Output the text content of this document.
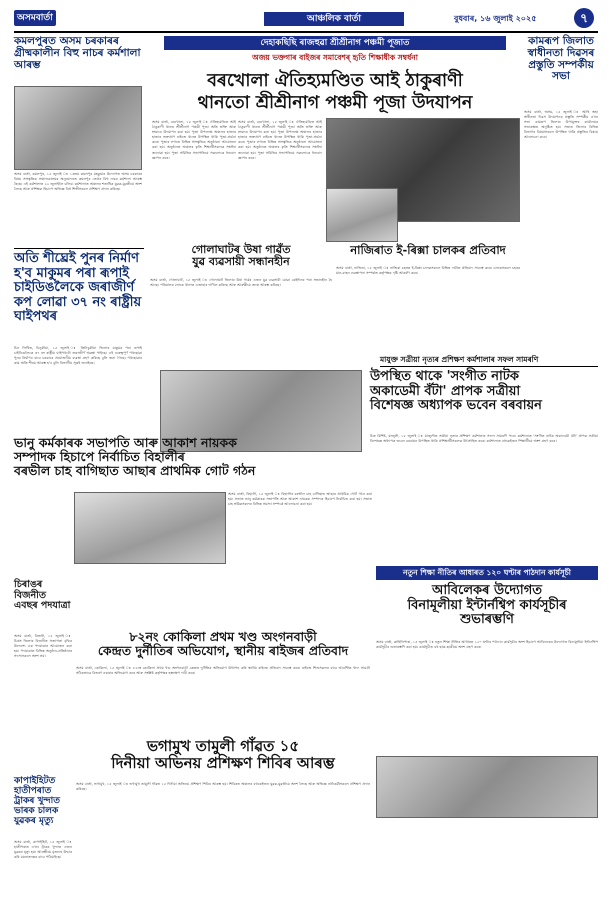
অসমবাৰ্তা	আঞ্চলিক বাৰ্তা	বুধবাৰ, ১৬ জুলাই ২০২৫	৭
কমলপুৰত অসম চৰকাৰৰ গ্ৰীষ্মকালীন বিহু নাচৰ কৰ্মশালা আৰম্ভ
অসম বাৰ্তা, কমলপুৰ, ১৫ জুলাই ঃ ১৩তম কমলপুৰ মহকুমাৰ উদ্যোগত অসম চৰকাৰৰ বিষয় সাংস্কৃতিক সঞ্চালকালয়ৰ অনুমোদনত কমলপুৰ তেওঁৰ বিহু নাচৰ কৰ্মশালা আৰম্ভ হৈছে। এই কৰ্মশালাত ২২ জুলাইলৈ চলিব। কৰ্মশালাত অঞ্চলৰ শতাধিক যুৱক-যুৱতীয়ে অংশ লৈছে আৰু প্ৰশিক্ষক হিচাপে অভিজ্ঞ বিহু শিল্পীসকলে প্ৰশিক্ষণ প্ৰদান কৰিছে।
অতি শীঘ্ৰেই পুনৰ নিৰ্মাণ হ'ব মাকুমৰ পৰা ৰূপাই চাইডিঙলৈকে জৰাজীৰ্ণ কপ লোৱা ৩৭ নং ৰাষ্ট্ৰীয় ঘাইপথৰ
চিন লিখিত, চিনুকীয়া, ১৫ জুলাই ঃ তিনিচুকীয়া জিলাৰ মাকুমৰ পৰা ৰূপাই চাইডিঙলৈকে ৩৭ নং ৰাষ্ট্ৰীয় ঘাইপথটো জৰাজীৰ্ণ অৱস্থা পাইছে। এই গুৰুত্বপূৰ্ণ পথছোৱা পুনৰ নিৰ্মাণৰ বাবে চৰকাৰে প্ৰয়োজনীয় ব্যৱস্থা গ্ৰহণ কৰিছে বুলি জনা গৈছে। পথছোৱাৰ কাম অতি শীঘ্ৰে আৰম্ভ হ'ব বুলি বিভাগীয় সূত্ৰই জনাইছে।
দেহাকছিছি ৰাজহুৱা শ্ৰীশ্ৰীনাগ পঞ্চমী পূজাত
অজয় ভক্তগাৰ বাইজৰ সমাবেশৰ্ হৃতি শিক্ষাধীক সম্বৰ্ধনা
বৰখোলা ঐতিহ্যমণ্ডিত আই ঠাকুৰাণী
থানতো শ্ৰীশ্ৰীনাগ পঞ্চমী পূজা উদযাপন
অসম বাৰ্তা, বৰখোলা, ১৫ জুলাই ঃ ঐতিহ্যমণ্ডিত আই ঠাকুৰাণী থানত শ্ৰীশ্ৰীনাগ পঞ্চমী পূজা অতি ভক্তি আৰু শ্ৰদ্ধাৰে উদযাপন কৰা হয়। পূজা উপলক্ষে অঞ্চলৰ হাজাৰ হাজাৰ ভক্তপ্ৰাণ ৰাইজে থানত উপস্থিত থাকি পূজা-অৰ্চনা কৰে। পূজাৰ লগতে বিভিন্ন সাংস্কৃতিক অনুষ্ঠানো আয়োজন কৰা হয়। অনুষ্ঠানত অঞ্চলৰ কৃতি শিক্ষাৰ্থীসকলক সম্বৰ্ধনা জনোৱা হয়। পূজা সমিতিৰ সভাপতিয়ে সকলোকে ধন্যবাদ জ্ঞাপন কৰে।
অসম বাৰ্তা, বৰখোলা, ১৫ জুলাই ঃ ঐতিহ্যমণ্ডিত আই ঠাকুৰাণী থানত শ্ৰীশ্ৰীনাগ পঞ্চমী পূজা অতি ভক্তি আৰু শ্ৰদ্ধাৰে উদযাপন কৰা হয়। পূজা উপলক্ষে অঞ্চলৰ হাজাৰ হাজাৰ ভক্তপ্ৰাণ ৰাইজে থানত উপস্থিত থাকি পূজা-অৰ্চনা কৰে। পূজাৰ লগতে বিভিন্ন সাংস্কৃতিক অনুষ্ঠানো আয়োজন কৰা হয়। অনুষ্ঠানত অঞ্চলৰ কৃতি শিক্ষাৰ্থীসকলক সম্বৰ্ধনা জনোৱা হয়। পূজা সমিতিৰ সভাপতিয়ে সকলোকে ধন্যবাদ জ্ঞাপন কৰে।
কামৰূপ জিলাত স্বাধীনতা দিৱসৰ প্ৰস্তুতি সম্পৰ্কীয় সভা
অসম বাৰ্তা, অসম, ১৫ জুলাই ঃ আহি অহা স্বাধীনতা দিৱস উদযাপনৰ প্ৰস্তুতি সম্পৰ্কীয় এখন সভা কামৰূপ জিলাৰ উপায়ুক্তৰ কাৰ্যালয়ৰ সভাকক্ষত অনুষ্ঠিত হয়। সভাত জিলাৰ বিভিন্ন বিভাগৰ বিষয়াসকলে উপস্থিত থাকি প্ৰস্তুতিৰ বিষয়ে আলোচনা কৰে।
গোলাঘাটৰ উষা গাৱঁত
যুৱ ব্যৱসায়ী সন্ধানহীন
অসম বাৰ্তা, গোলাঘাট, ১৫ জুলাই ঃ গোলাঘাট জিলাৰ উষা গাৱঁৰ এজন যুৱ ব্যৱসায়ী যোৱা কেইদিনৰ পৰা সন্ধানহীন হৈ আছে। পৰিয়ালৰ লোকে থানাত এজাহাৰ দাখিল কৰিছে আৰু আৰক্ষীয়ে তদন্ত আৰম্ভ কৰিছে।
নাজিৰাত ই-ৰিক্সা চালকৰ প্ৰতিবাদ
অসম বাৰ্তা, নাজিৰা, ১৫ জুলাই ঃ নাজিৰা চহৰত ই-ৰিক্সা চালকসকলে বিভিন্ন দাবীত প্ৰতিবাদ সাব্যস্ত কৰে। চালকসকলে চহৰৰ যান-বাহন ব্যৱস্থাপনা সম্পৰ্কত কৰ্তৃপক্ষৰ দৃষ্টি আকৰ্ষণ কৰে।
মাযুক্ত সত্ৰীয়া নৃত্যৰ প্ৰশিক্ষণ কৰ্মশালাৰ সফল সামৰণি
উপস্থিত থাকে 'সংগীত নাটক
অকাডেমী বঁটা' প্ৰাপক সত্ৰীয়া
বিশেষজ্ঞ অধ্যাপক ভবেন বৰবায়ন
চিত বিশিষ্ট, মাজুলী, ১৫ জুলাই ঃ মাজুলীত সত্ৰীয়া নৃত্যৰ প্ৰশিক্ষণ কৰ্মশালাৰ সফল সামৰণি পৰে। কৰ্মশালাত 'সংগীত নাটক অকাডেমী বঁটা' প্ৰাপক সত্ৰীয়া বিশেষজ্ঞ অধ্যাপক ভবেন বৰবায়ন উপস্থিত থাকি প্ৰশিক্ষাৰ্থীসকলক উৎসাহিত কৰে। কৰ্মশালাত বহুকেইজন শিক্ষাৰ্থীয়ে অংশ গ্ৰহণ কৰে।
ভানু কৰ্মকাৰক সভাপতি আৰু আকাশ নায়কক
সম্পাদক হিচাপে নিৰ্বাচিত বিহালীৰ
বৰভীল চাহ বাগিছাত আছাৰ প্ৰাথমিক গোট গঠন
অসম বাৰ্তা, বিহালী, ১৫ জুলাই ঃ বিহালীৰ বৰভীল চাহ বাগিছাত আছাৰ প্ৰাথমিক গোট গঠন কৰা হয়। সভাত ভানু কৰ্মকাৰক সভাপতি আৰু আকাশ নায়কক সম্পাদক হিচাপে নিৰ্বাচিত কৰা হয়। সভাত চাহ শ্ৰমিকসকলৰ বিভিন্ন সমস্যা সম্পৰ্কে আলোচনা কৰা হয়।
চিৰাঙৰ বিজনীত এবছৰ পদযাত্ৰা
অসম বাৰ্তা, বিজনী, ১৫ জুলাই ঃ চিৰাং জিলাৰ বিজনীত সজাগতা বৃদ্ধিৰ উদ্দেশ্যে এক পদযাত্ৰাৰ আয়োজন কৰা হয়। পদযাত্ৰাত বিভিন্ন অনুষ্ঠান-প্ৰতিষ্ঠানৰ সদস্যসকলে অংশ লয়।
৮২নং কোকিলা প্ৰথম খণ্ড অংগনবাড়ী
কেন্দ্ৰত দুৰ্নীতিৰ অভিযোগ, স্থানীয় ৰাইজৰ প্ৰতিবাদ
অসম বাৰ্তা, কোকিলা, ১৫ জুলাই ঃ ৮২নং কোকিলা প্ৰথম খণ্ড অংগনবাড়ী কেন্দ্ৰত দুৰ্নীতিৰ অভিযোগ উত্থাপন কৰি স্থানীয় ৰাইজে প্ৰতিবাদ সাব্যস্ত কৰে। ৰাইজে শিশুসকলৰ বাবে আবণ্টিত খাদ্য সামগ্ৰী সঠিকভাৱে বিতৰণ নকৰাৰ অভিযোগ কৰে আৰু সংশ্লিষ্ট কৰ্তৃপক্ষৰ হস্তক্ষেপ দাবী কৰে।
কাপাইহিটত হাতীপৰাত ট্ৰাকৰ খুন্দাত ভাৰক চালক যুৱকৰ মৃত্যু
অসম বাৰ্তা, কাপাইহিট, ১৫ জুলাই ঃ হাতীপৰাত এখন ট্ৰাকৰ খুন্দাত এজন যুৱকৰ মৃত্যু হয়। আৰক্ষীয়ে মৃতদেহ উদ্ধাৰ কৰি ময়নাতদন্তৰ বাবে পঠিয়াইছে।
ভগামুখ তামুলী গাঁৱত ১৫
দিনীয়া অভিনয় প্ৰশিক্ষণ শিবিৰ আৰম্ভ
অসম বাৰ্তা, ভগামুখ, ১৫ জুলাই ঃ ভগামুখ তামুলী গাঁৱত ১৫ দিনীয়া অভিনয় প্ৰশিক্ষণ শিবিৰ আৰম্ভ হয়। শিবিৰত অঞ্চলৰ বহুকেইজন যুৱক-যুৱতীয়ে অংশ লৈছে আৰু অভিজ্ঞ নাট্যকৰ্মীসকলে প্ৰশিক্ষণ প্ৰদান কৰিছে।
নতুন শিক্ষা নীতিৰ আধাৰত ১২০ ঘণ্টাৰ পাঠদান কাৰ্যসূচী
আবিলেকৰ উদ্যোগত
বিনামূলীয়া ইন্টাৰ্নশ্বিপ কাৰ্যসূচীৰ
শুভাৰম্ভণি
অসম বাৰ্তা, কাহিলিপাৰা, ১৫ জুলাই ঃ নতুন শিক্ষা নীতিৰ আধাৰত ১২০ ঘণ্টাৰ পাঠদান কাৰ্যসূচীৰ অংশ হিচাপে আবিলেকৰ উদ্যোগত বিনামূলীয়া ইন্টাৰ্নশ্বিপ কাৰ্যসূচীৰ শুভাৰম্ভণি কৰা হয়। কাৰ্যসূচীত বহু ছাত্ৰ-ছাত্ৰীয়ে অংশ গ্ৰহণ কৰে।
